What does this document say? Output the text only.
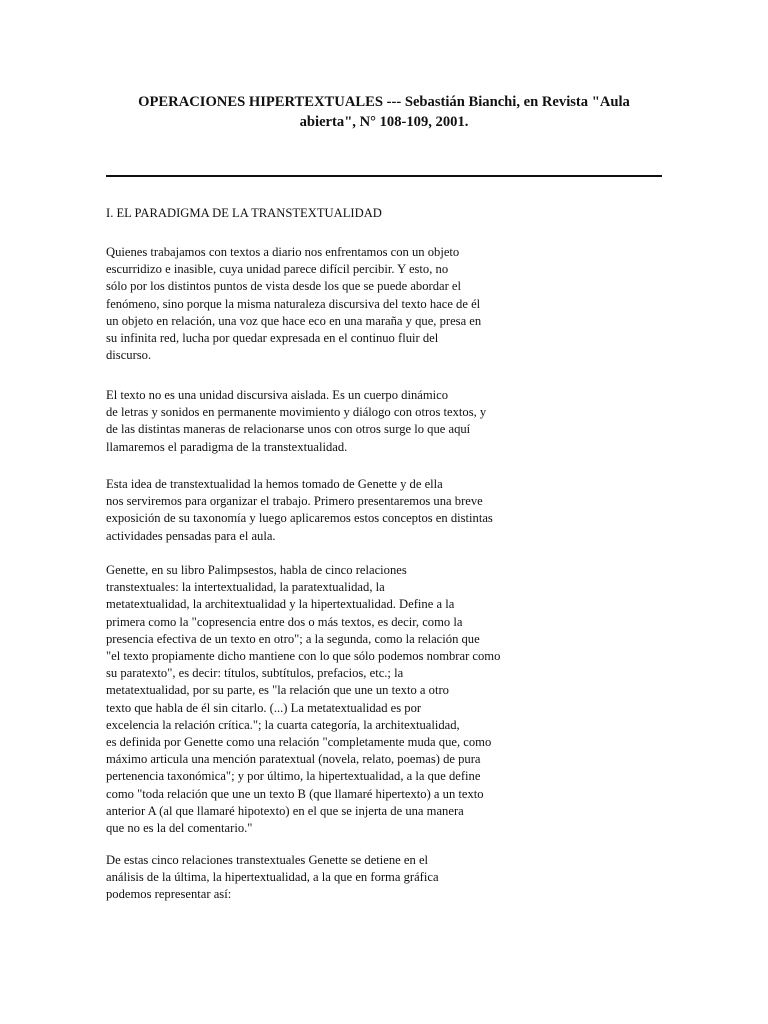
OPERACIONES HIPERTEXTUALES --- Sebastián Bianchi, en Revista "Aula
abierta", N° 108-109, 2001.
I. EL PARADIGMA DE LA TRANSTEXTUALIDAD
Quienes trabajamos con textos a diario nos enfrentamos con un objeto
escurridizo e inasible, cuya unidad parece difícil percibir. Y esto, no
sólo por los distintos puntos de vista desde los que se puede abordar el
fenómeno, sino porque la misma naturaleza discursiva del texto hace de él
un objeto en relación, una voz que hace eco en una maraña y que, presa en
su infinita red, lucha por quedar expresada en el continuo fluir del
discurso.
El texto no es una unidad discursiva aislada. Es un cuerpo dinámico
de letras y sonidos en permanente movimiento y diálogo con otros textos, y
de las distintas maneras de relacionarse unos con otros surge lo que aquí
llamaremos el paradigma de la transtextualidad.
Esta idea de transtextualidad la hemos tomado de Genette y de ella
nos serviremos para organizar el trabajo. Primero presentaremos una breve
exposición de su taxonomía y luego aplicaremos estos conceptos en distintas
actividades pensadas para el aula.
Genette, en su libro Palimpsestos, habla de cinco relaciones
transtextuales: la intertextualidad, la paratextualidad, la
metatextualidad, la architextualidad y la hipertextualidad. Define a la
primera como la "copresencia entre dos o más textos, es decir, como la
presencia efectiva de un texto en otro"; a la segunda, como la relación que
"el texto propiamente dicho mantiene con lo que sólo podemos nombrar como
su paratexto", es decir: títulos, subtítulos, prefacios, etc.; la
metatextualidad, por su parte, es "la relación que une un texto a otro
texto que habla de él sin citarlo. (...) La metatextualidad es por
excelencia la relación crítica."; la cuarta categoría, la architextualidad,
es definida por Genette como una relación "completamente muda que, como
máximo articula una mención paratextual (novela, relato, poemas) de pura
pertenencia taxonómica"; y por último, la hipertextualidad, a la que define
como "toda relación que une un texto B (que llamaré hipertexto) a un texto
anterior A (al que llamaré hipotexto) en el que se injerta de una manera
que no es la del comentario."
De estas cinco relaciones transtextuales Genette se detiene en el
análisis de la última, la hipertextualidad, a la que en forma gráfica
podemos representar así:
